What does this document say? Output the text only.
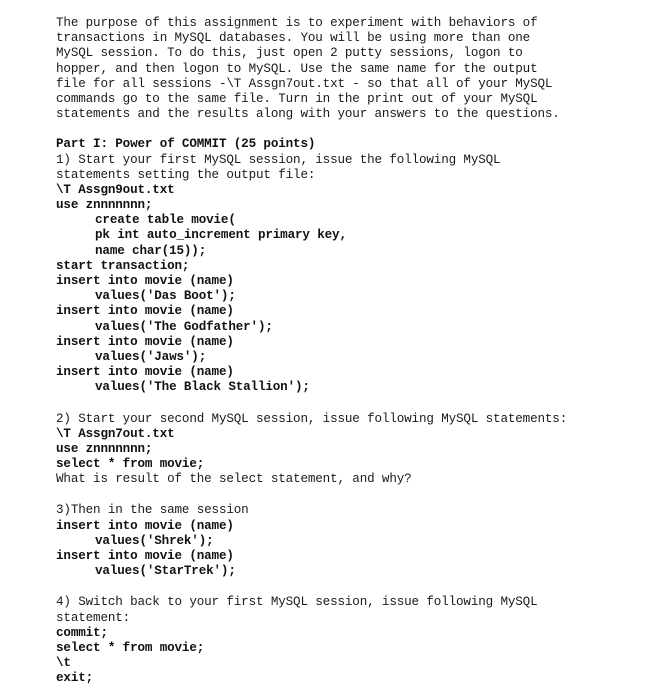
The purpose of this assignment is to experiment with behaviors of
transactions in MySQL databases. You will be using more than one
MySQL session. To do this, just open 2 putty sessions, logon to
hopper, and then logon to MySQL. Use the same name for the output
file for all sessions -\T Assgn7out.txt - so that all of your MySQL
commands go to the same file. Turn in the print out of your MySQL
statements and the results along with your answers to the questions.
Part I: Power of COMMIT (25 points)
1) Start your first MySQL session, issue the following MySQL
statements setting the output file:
\T Assgn9out.txt
use znnnnnnn;
create table movie(
pk int auto_increment primary key,
name char(15));
start transaction;
insert into movie (name)
values('Das Boot');
insert into movie (name)
values('The Godfather');
insert into movie (name)
values('Jaws');
insert into movie (name)
values('The Black Stallion');
2) Start your second MySQL session, issue following MySQL statements:
\T Assgn7out.txt
use znnnnnnn;
select * from movie;
What is result of the select statement, and why?
3)Then in the same session
insert into movie (name)
values('Shrek');
insert into movie (name)
values('StarTrek');
4) Switch back to your first MySQL session, issue following MySQL
statement:
commit;
select * from movie;
\t
exit;
